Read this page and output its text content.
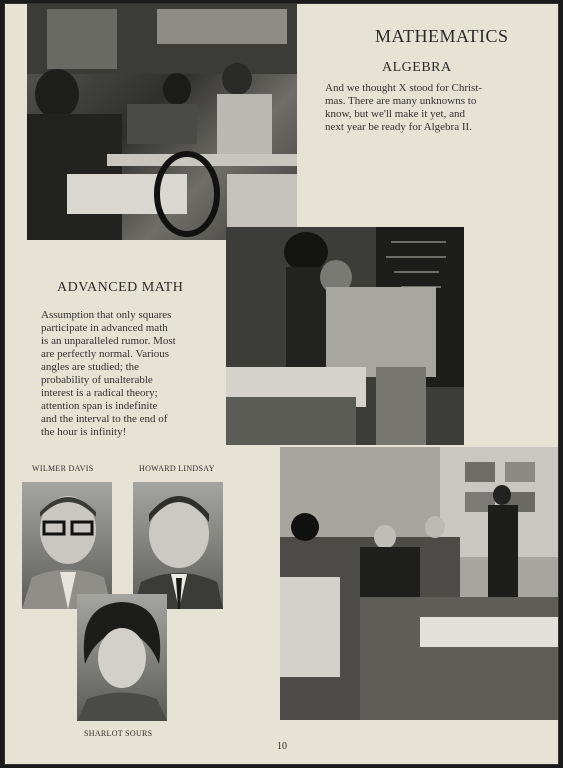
MATHEMATICS
ALGEBRA

And we thought X stood for Christ-
mas. There are many unknowns to
know, but we'll make it yet, and
next year be ready for Algebra II.

ADVANCED MATH

Assumption that only squares
participate in advanced math
is an unparalleled rumor. Most
are perfectly normal. Various
angles are studied; the
probability of unalterable
interest is a radical theory;
attention span is indefinite
and the interval to the end of
the hour is infinity!

WILMER DAVIS	HOWARD LINDSAY
SHARLOT SOURS
10
